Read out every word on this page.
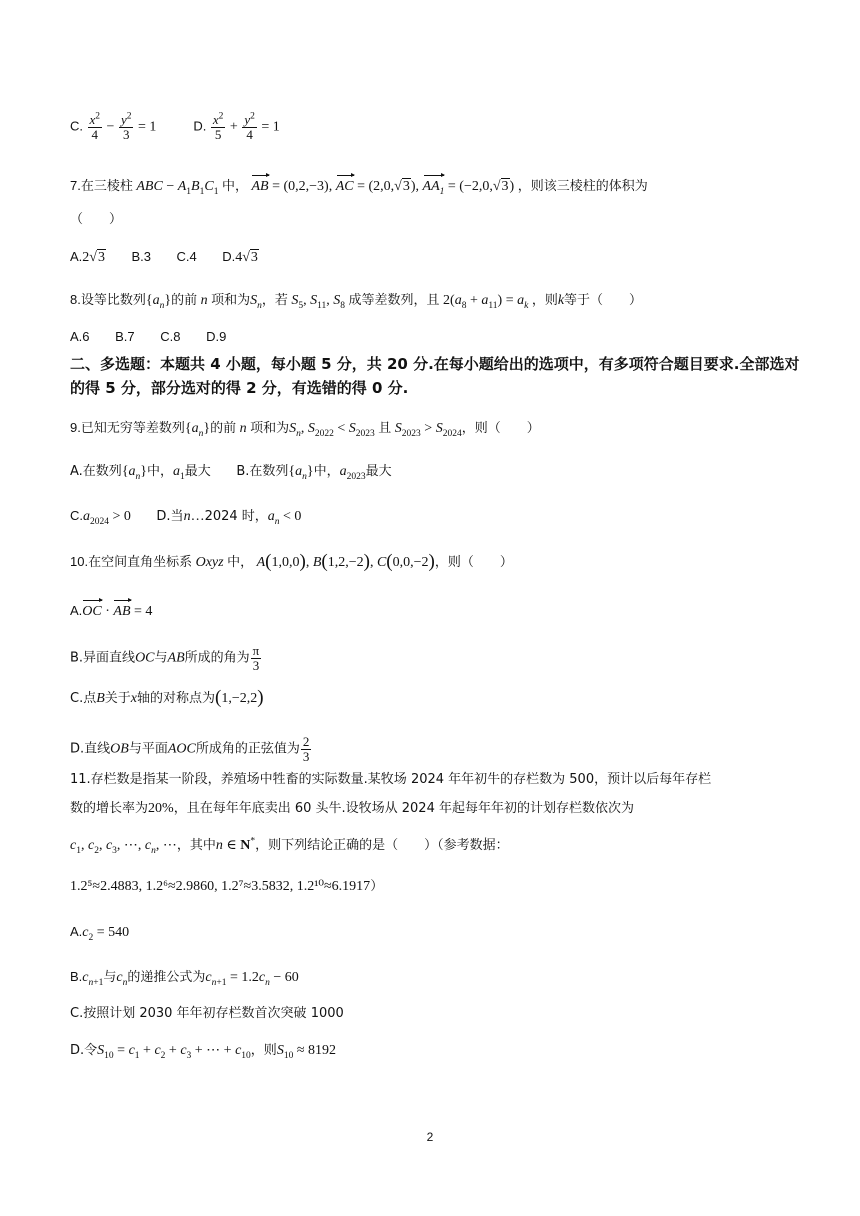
C. $\frac{x^2}{4} - \frac{y^2}{3} = 1$	D. $\frac{x^2}{5} + \frac{y^2}{4} = 1$
7.在三棱柱 ABC − $A_1B_1C_1$ 中， AB = (0,2,−3), AC = (2,0,√3), $AA_1 = (-2,0,√3)$ ，则该三棱柱的体积为
（　　）
A.2√3 B.3 C.4 D.4√3
8.设等比数列$\{a_n\}$的前 n 项和为$S_n$，若 $S_5$, $S_{11}$, $S_8$ 成等差数列，且 $2(a_8 + a_{11}) = a_k$ ，则k等于（　　）
A.6 B.7 C.8 D.9
二、多选题：本题共 4 小题，每小题 5 分，共 20 分.在每小题给出的选项中，有多项符合题目要求.全部选对的得 5 分，部分选对的得 2 分，有选错的得 0 分.
9.已知无穷等差数列$\{a_n\}$的前 n 项和为$S_n$, $S_{2022} < S_{2023}$ 且 $S_{2023} > S_{2024}$，则（　　）
A.在数列$\{a_n\}$中，$a_1$最大 B.在数列$\{a_n\}$中，$a_{2023}$最大
$C.a_{2024} > 0$ D.当n…2024 时，$a_n < 0$
10.在空间直角坐标系 Oxyz 中， A(1,0,0), B(1,2,−2), C(0,0,−2)，则（　　）
A.OC · AB = 4
B.异面直线OC与AB所成的角为 $\frac{\pi}{3}$
C.点B关于x轴的对称点为(1,−2,2)
D.直线OB与平面AOC所成角的正弦值为 $\frac{2}{3}$
11.存栏数是指某一阶段，养殖场中牲畜的实际数量.某牧场 2024 年年初牛的存栏数为 500，预计以后每年存栏
数的增长率为20%，且在每年年底卖出 60 头牛.设牧场从 2024 年起每年年初的计划存栏数依次为
$c_1$, $c_2$, $c_3$, ⋯, $c_n$, ⋯，其中n ∈ N*，则下列结论正确的是（　　）（参考数据：
1.2⁵≈2.4883, 1.2⁶≈2.9860, 1.2⁷≈3.5832, 1.2¹⁰≈6.1917）
$A.c_2 = 540$
$B.c_{n+1}$与$c_n$的递推公式为$c_{n+1} = 1.2c_n - 60$
C.按照计划 2030 年年初存栏数首次突破 1000
D.令$S_{10} = c_1 + c_2 + c_3$ + ⋯ + $c_{10}$，则$S_{10} \approx 8192$
2
